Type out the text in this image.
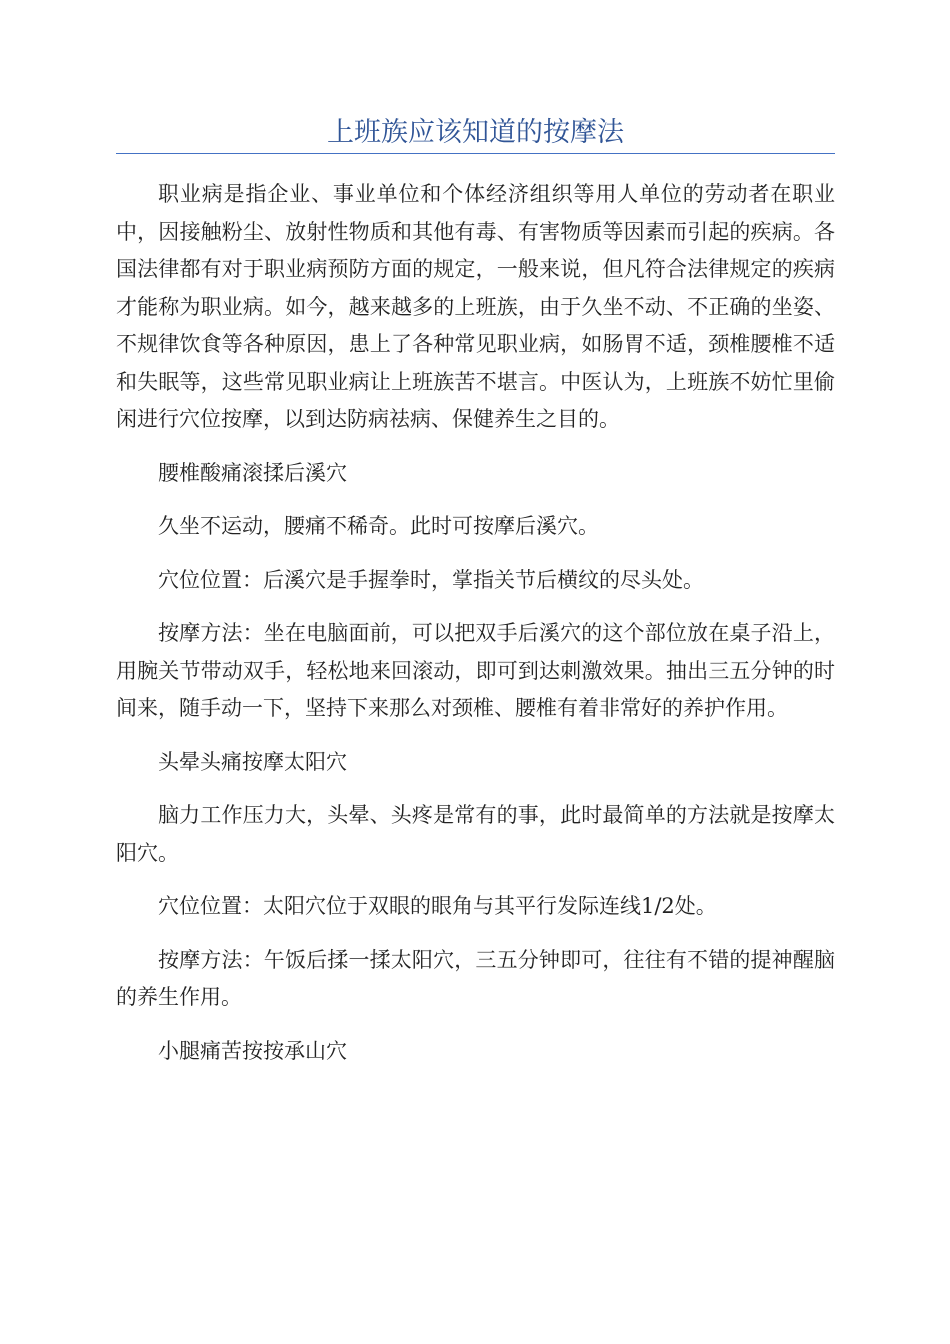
上班族应该知道的按摩法

职业病是指企业、事业单位和个体经济组织等用人单位的劳动者在职业中，因接触粉尘、放射性物质和其他有毒、有害物质等因素而引起的疾病。各国法律都有对于职业病预防方面的规定，一般来说，但凡符合法律规定的疾病才能称为职业病。如今，越来越多的上班族，由于久坐不动、不正确的坐姿、不规律饮食等各种原因，患上了各种常见职业病，如肠胃不适，颈椎腰椎不适和失眠等，这些常见职业病让上班族苦不堪言。中医认为，上班族不妨忙里偷闲进行穴位按摩，以到达防病祛病、保健养生之目的。

腰椎酸痛滚揉后溪穴

久坐不运动，腰痛不稀奇。此时可按摩后溪穴。

穴位位置：后溪穴是手握拳时，掌指关节后横纹的尽头处。

按摩方法：坐在电脑面前，可以把双手后溪穴的这个部位放在桌子沿上，用腕关节带动双手，轻松地来回滚动，即可到达刺激效果。抽出三五分钟的时间来，随手动一下，坚持下来那么对颈椎、腰椎有着非常好的养护作用。

头晕头痛按摩太阳穴

脑力工作压力大，头晕、头疼是常有的事，此时最简单的方法就是按摩太阳穴。

穴位位置：太阳穴位于双眼的眼角与其平行发际连线1/2处。

按摩方法：午饭后揉一揉太阳穴，三五分钟即可，往往有不错的提神醒脑的养生作用。

小腿痛苦按按承山穴
